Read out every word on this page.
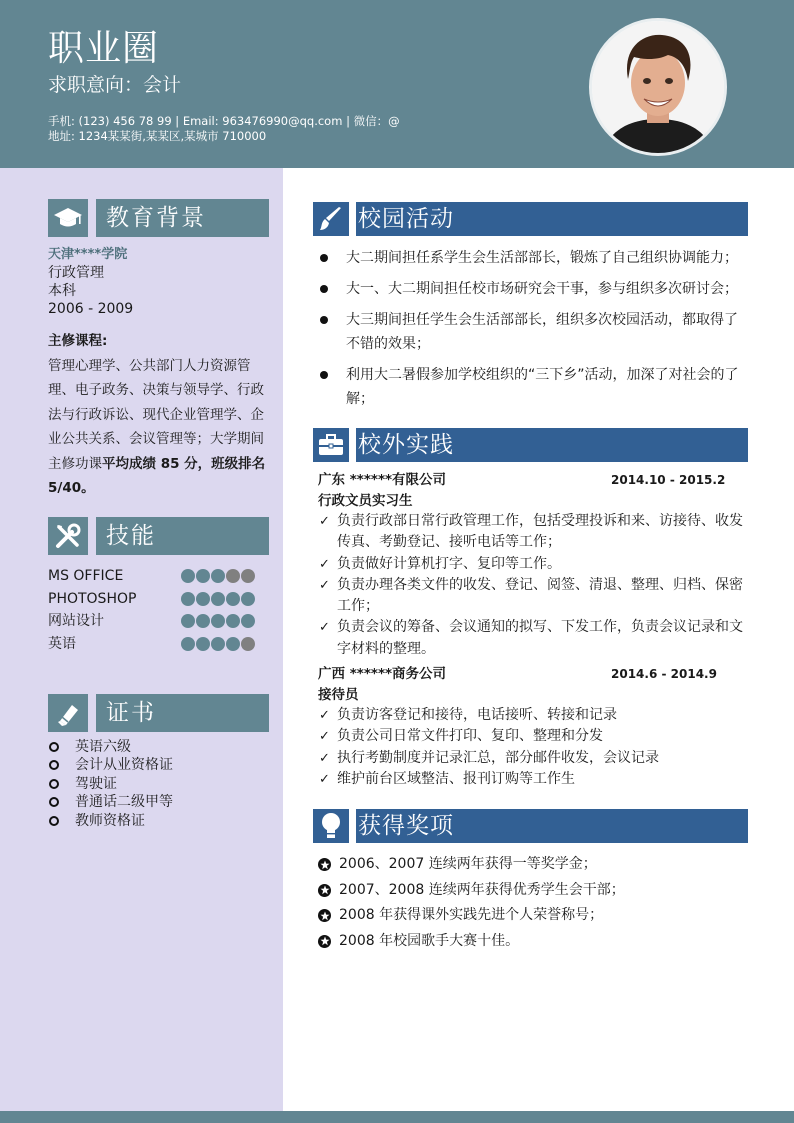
职业圈
求职意向：会计
手机: (123) 456 78 99 | Email: 963476990@qq.com | 微信：@
地址: 1234某某街,某某区,某城市 710000
教育背景
天津****学院
行政管理
本科
2006 - 2009
主修课程:
管理心理学、公共部门人力资源管理、电子政务、决策与领导学、行政法与行政诉讼、现代企业管理学、企业公共关系、会议管理等；大学期间主修功课平均成绩 85 分，班级排名 5/40。
技能
MS OFFICE
PHOTOSHOP
网站设计
英语
证书
英语六级
会计从业资格证
驾驶证
普通话二级甲等
教师资格证
校园活动
大二期间担任系学生会生活部部长，锻炼了自己组织协调能力；
大一、大二期间担任校市场研究会干事，参与组织多次研讨会；
大三期间担任学生会生活部部长，组织多次校园活动，都取得了不错的效果；
利用大二暑假参加学校组织的“三下乡”活动，加深了对社会的了解；
校外实践
广东 ******有限公司	2014.10 - 2015.2
行政文员实习生
✓ 负责行政部日常行政管理工作，包括受理投诉和来、访接待、收发传真、考勤登记、接听电话等工作；
✓ 负责做好计算机打字、复印等工作。
✓ 负责办理各类文件的收发、登记、阅签、清退、整理、归档、保密工作；
✓ 负责会议的筹备、会议通知的拟写、下发工作，负责会议记录和文字材料的整理。
广西 ******商务公司	2014.6 - 2014.9
接待员
✓ 负责访客登记和接待，电话接听、转接和记录
✓ 负责公司日常文件打印、复印、整理和分发
✓ 执行考勤制度并记录汇总，部分邮件收发，会议记录
✓ 维护前台区域整洁、报刊订购等工作生
获得奖项
2006、2007 连续两年获得一等奖学金；
2007、2008 连续两年获得优秀学生会干部；
2008 年获得课外实践先进个人荣誉称号；
2008 年校园歌手大赛十佳。
